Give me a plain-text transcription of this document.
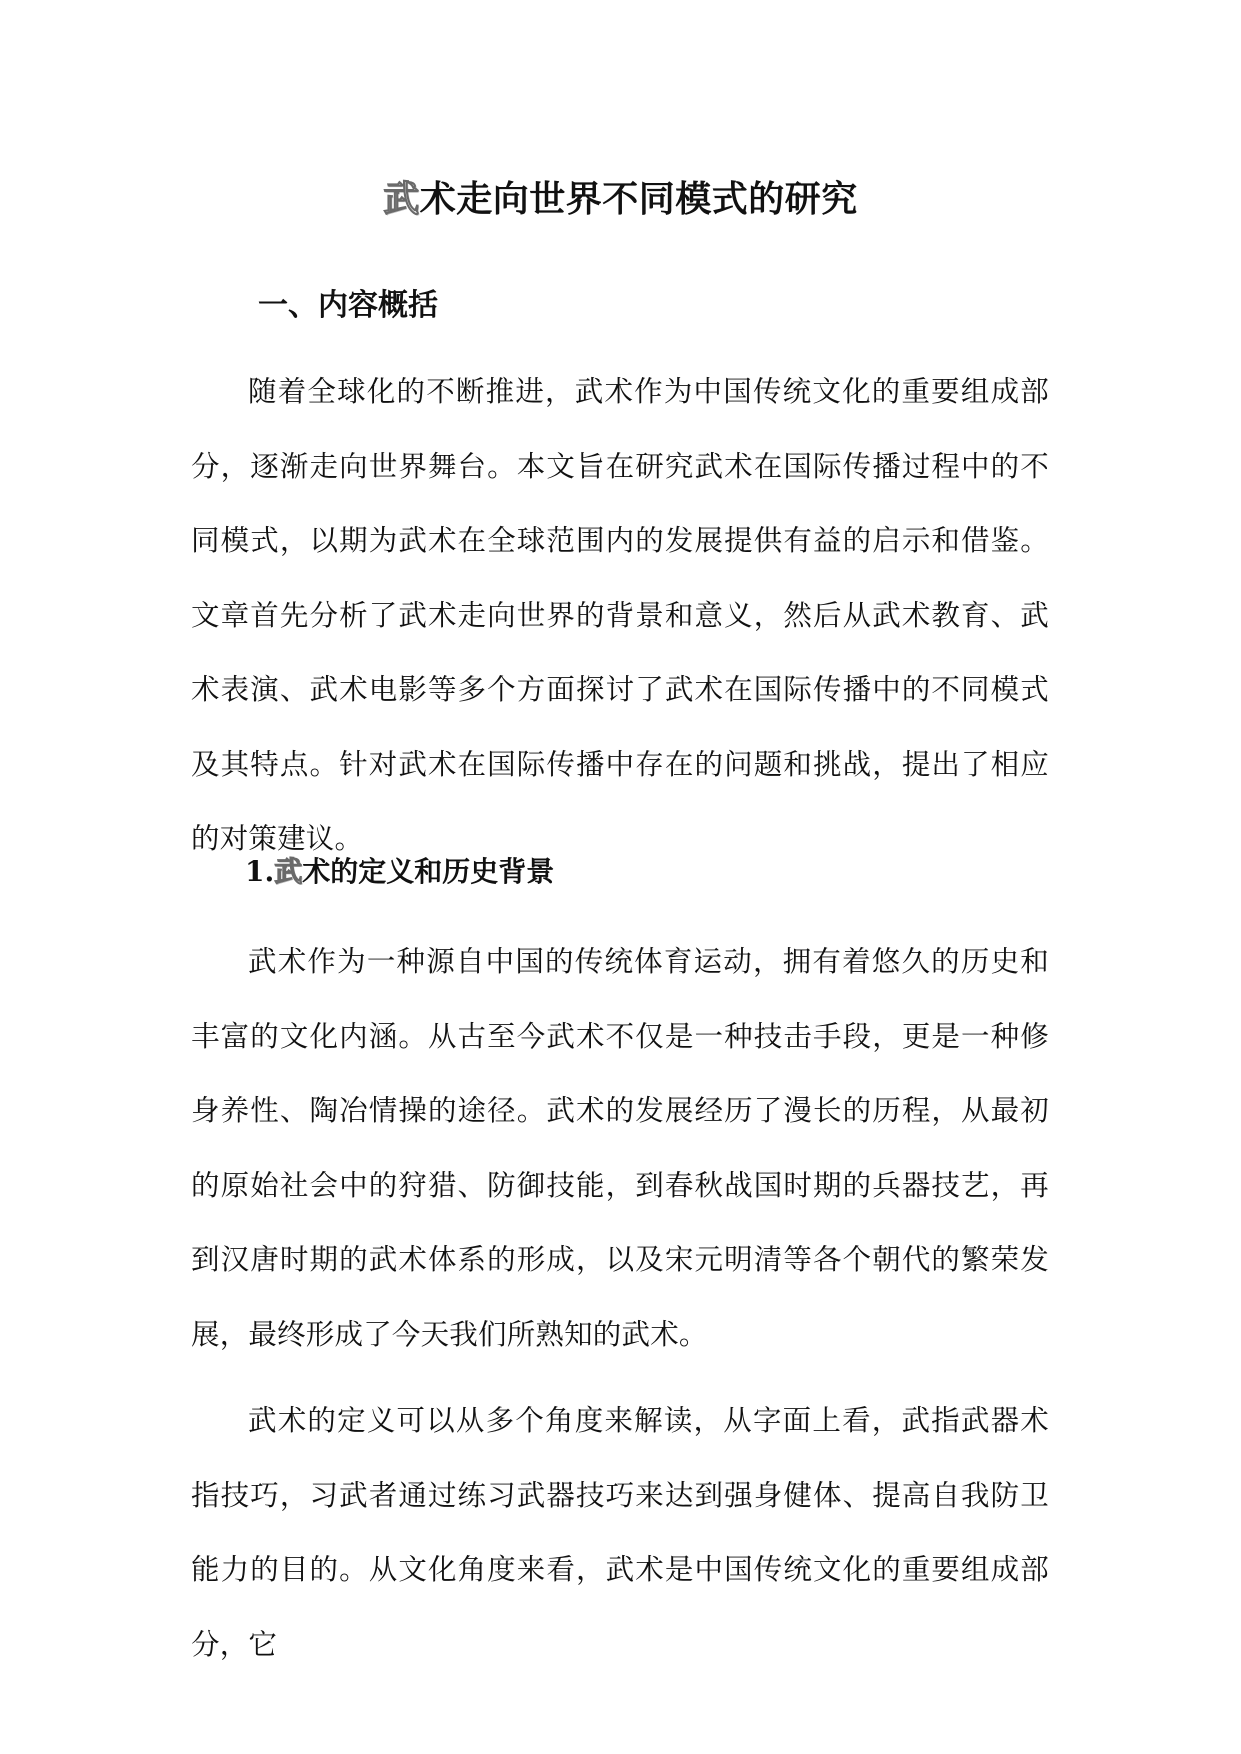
武术走向世界不同模式的研究
一、内容概括

随着全球化的不断推进，武术作为中国传统文化的重要组成部分，逐渐走向世界舞台。本文旨在研究武术在国际传播过程中的不同模式，以期为武术在全球范围内的发展提供有益的启示和借鉴。文章首先分析了武术走向世界的背景和意义，然后从武术教育、武术表演、武术电影等多个方面探讨了武术在国际传播中的不同模式及其特点。针对武术在国际传播中存在的问题和挑战，提出了相应的对策建议。

1.武术的定义和历史背景

武术作为一种源自中国的传统体育运动，拥有着悠久的历史和丰富的文化内涵。从古至今武术不仅是一种技击手段，更是一种修身养性、陶冶情操的途径。武术的发展经历了漫长的历程，从最初的原始社会中的狩猎、防御技能，到春秋战国时期的兵器技艺，再到汉唐时期的武术体系的形成，以及宋元明清等各个朝代的繁荣发展，最终形成了今天我们所熟知的武术。

武术的定义可以从多个角度来解读，从字面上看，武指武器术指技巧，习武者通过练习武器技巧来达到强身健体、提高自我防卫能力的目的。从文化角度来看，武术是中国传统文化的重要组成部分，它
